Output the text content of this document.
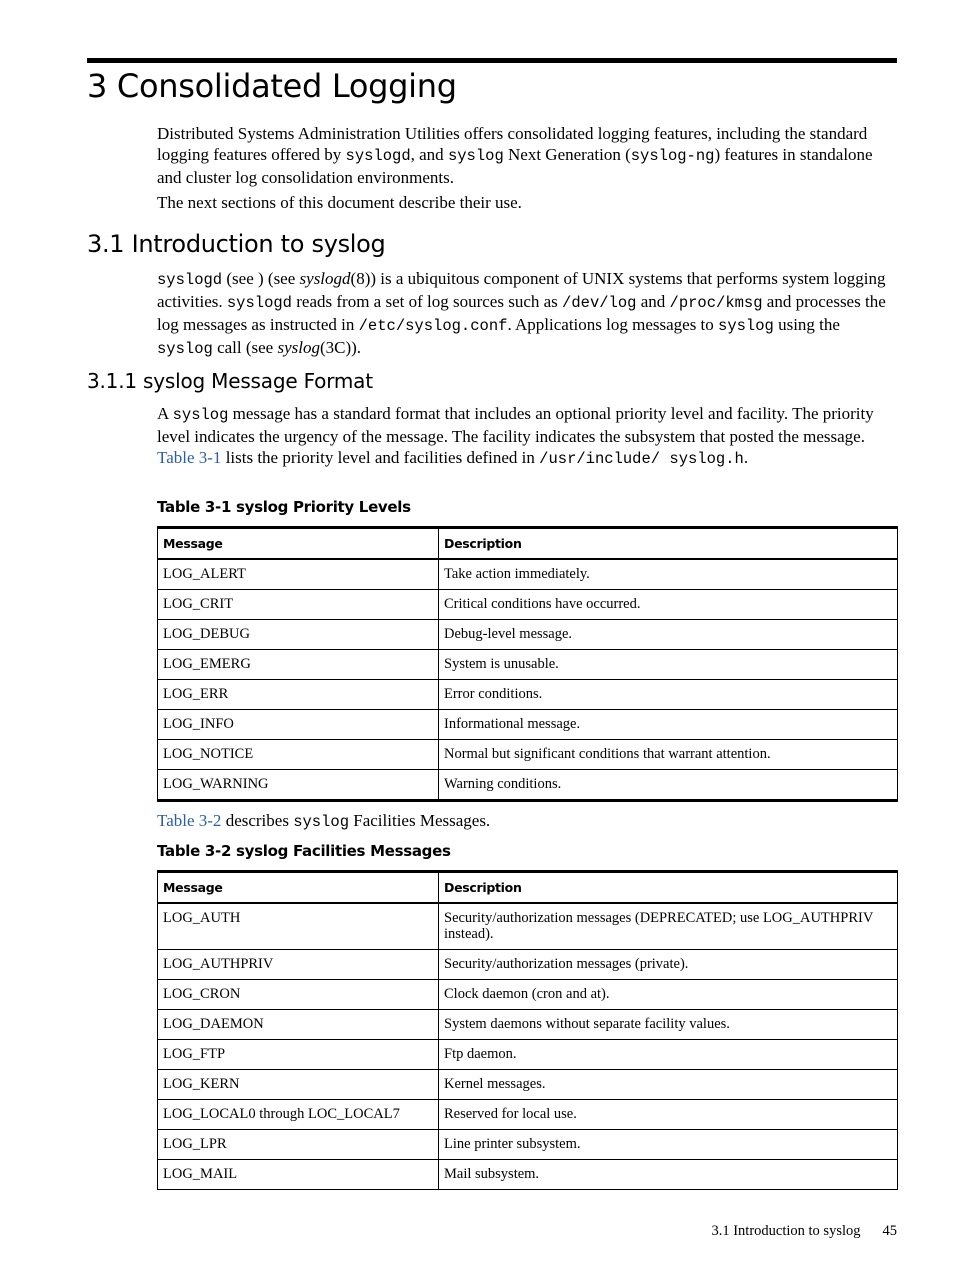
3 Consolidated Logging

Distributed Systems Administration Utilities offers consolidated logging features, including the standard logging features offered by syslogd, and syslog Next Generation (syslog-ng) features in standalone and cluster log consolidation environments.

The next sections of this document describe their use.

3.1 Introduction to syslog

syslogd (see ) (see syslogd(8)) is a ubiquitous component of UNIX systems that performs system logging activities. syslogd reads from a set of log sources such as /dev/log and /proc/kmsg and processes the log messages as instructed in /etc/syslog.conf. Applications log messages to syslog using the syslog call (see syslog(3C)).

3.1.1 syslog Message Format

A syslog message has a standard format that includes an optional priority level and facility. The priority level indicates the urgency of the message. The facility indicates the subsystem that posted the message. Table 3-1 lists the priority level and facilities defined in /usr/include/ syslog.h.

Table 3-1 syslog Priority Levels
Message	Description
LOG_ALERT	Take action immediately.
LOG_CRIT	Critical conditions have occurred.
LOG_DEBUG	Debug-level message.
LOG_EMERG	System is unusable.
LOG_ERR	Error conditions.
LOG_INFO	Informational message.
LOG_NOTICE	Normal but significant conditions that warrant attention.
LOG_WARNING	Warning conditions.

Table 3-2 describes syslog Facilities Messages.

Table 3-2 syslog Facilities Messages
Message	Description
LOG_AUTH	Security/authorization messages (DEPRECATED; use LOG_AUTHPRIV instead).
LOG_AUTHPRIV	Security/authorization messages (private).
LOG_CRON	Clock daemon (cron and at).
LOG_DAEMON	System daemons without separate facility values.
LOG_FTP	Ftp daemon.
LOG_KERN	Kernel messages.
LOG_LOCAL0 through LOC_LOCAL7	Reserved for local use.
LOG_LPR	Line printer subsystem.
LOG_MAIL	Mail subsystem.
3.1 Introduction to syslog 45
